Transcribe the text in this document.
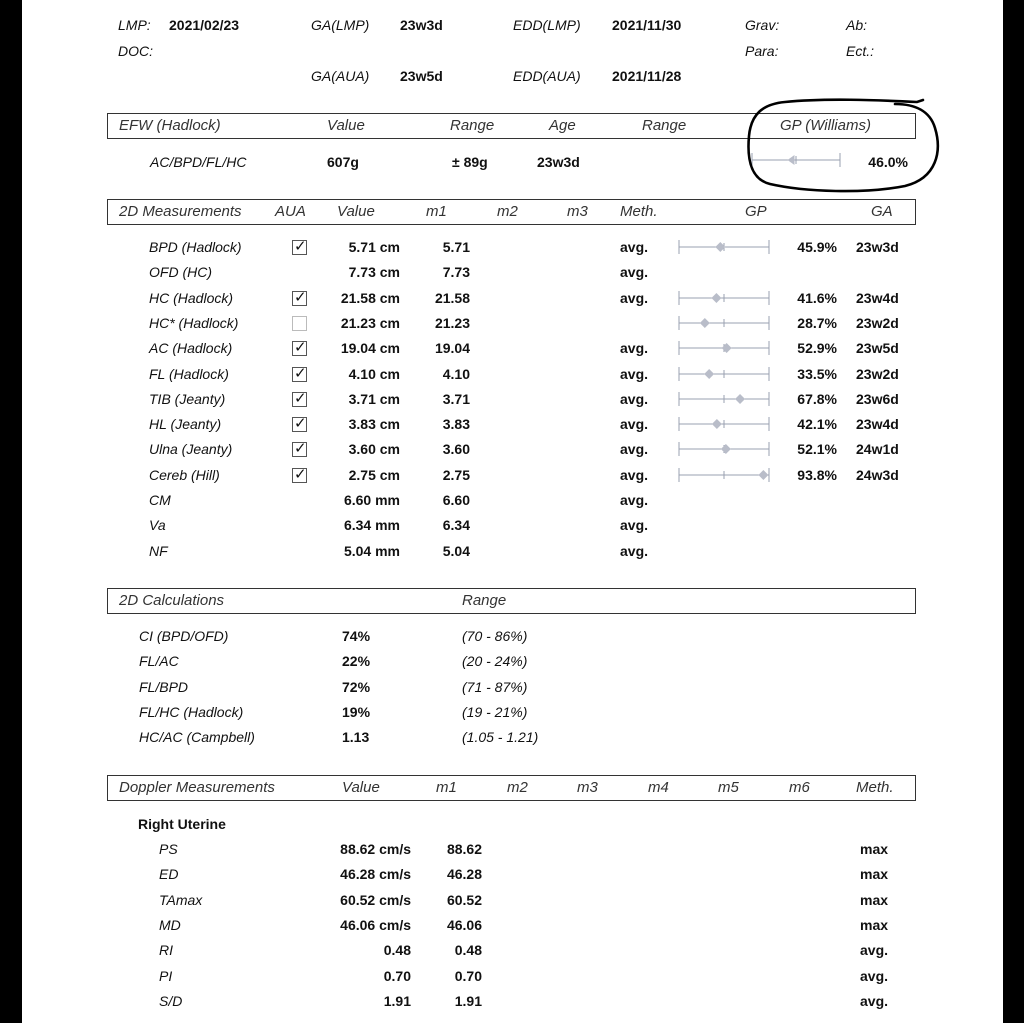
LMP: 2021/02/23
DOC:
GA(LMP) 23w3d	EDD(LMP) 2021/11/30
GA(AUA) 23w5d	EDD(AUA) 2021/11/28
Grav:	Ab:
Para:	Ect.:
EFW (Hadlock)	Value	Range	Age	Range	GP (Williams)
AC/BPD/FL/HC	607g	± 89g	23w3d	46.0%
2D Measurements AUA Value	m1	m2	m3 Meth.	GP	GA
BPD (Hadlock)	✓	5.71 cm	5.71	avg.	45.9% 23w3d
OFD (HC)	7.73 cm	7.73	avg.
HC (Hadlock)	✓	21.58 cm	21.58	avg.	41.6% 23w4d
HC* (Hadlock)	21.23 cm	21.23	28.7% 23w2d
AC (Hadlock)	✓	19.04 cm	19.04	avg.	52.9% 23w5d
FL (Hadlock)	✓	4.10 cm	4.10	avg.	33.5% 23w2d
TIB (Jeanty)	✓	3.71 cm	3.71	avg.	67.8% 23w6d
HL (Jeanty)	✓	3.83 cm	3.83	avg.	42.1% 23w4d
Ulna (Jeanty)	✓	3.60 cm	3.60	avg.	52.1% 24w1d
Cereb (Hill)	✓	2.75 cm	2.75	avg.	93.8% 24w3d
CM	6.60 mm	6.60	avg.
Va	6.34 mm	6.34	avg.
NF	5.04 mm	5.04	avg.
2D Calculations	Range
CI (BPD/OFD)	74%	(70 - 86%)
FL/AC	22%	(20 - 24%)
FL/BPD	72%	(71 - 87%)
FL/HC (Hadlock)	19%	(19 - 21%)
HC/AC (Campbell)	1.13	(1.05 - 1.21)
Doppler Measurements	Value	m1	m2	m3	m4	m5	m6	Meth.
Right Uterine
PS	88.62 cm/s	88.62	max
ED	46.28 cm/s	46.28	max
TAmax	60.52 cm/s	60.52	max
MD	46.06 cm/s	46.06	max
RI	0.48	0.48	avg.
PI	0.70	0.70	avg.
S/D	1.91	1.91	avg.
